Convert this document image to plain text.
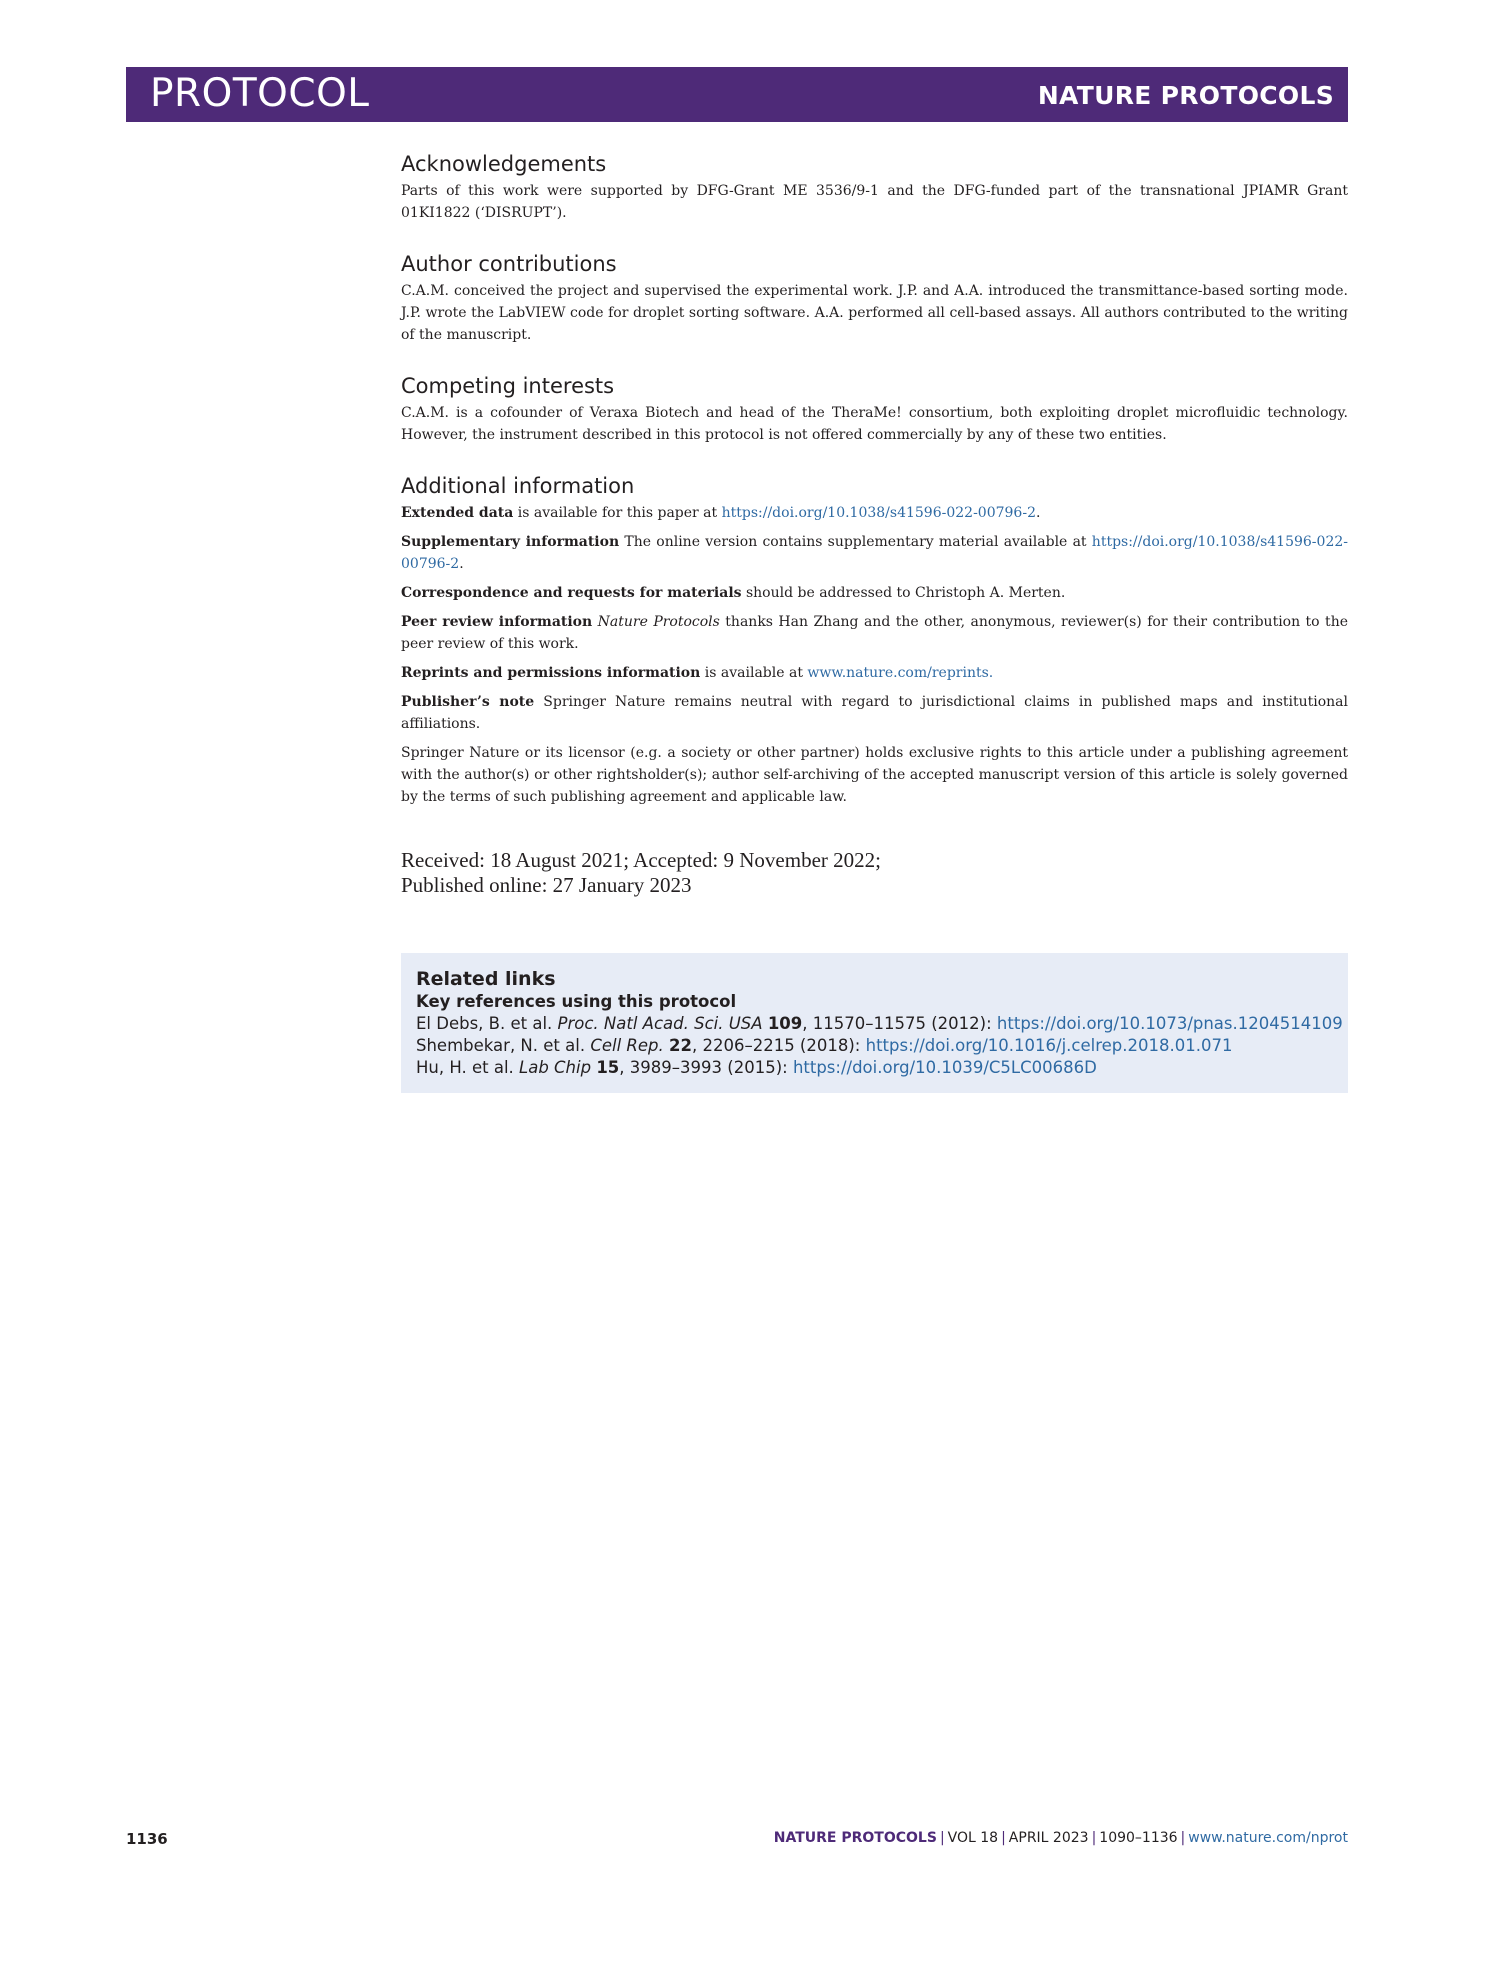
PROTOCOL	NATURE PROTOCOLS
Acknowledgements

Parts of this work were supported by DFG-Grant ME 3536/9-1 and the DFG-funded part of the transnational JPIAMR Grant 01KI1822 (‘DISRUPT’).

Author contributions

C.A.M. conceived the project and supervised the experimental work. J.P. and A.A. introduced the transmittance-based sorting mode. J.P. wrote the LabVIEW code for droplet sorting software. A.A. performed all cell-based assays. All authors contributed to the writing of the manuscript.

Competing interests

C.A.M. is a cofounder of Veraxa Biotech and head of the TheraMe! consortium, both exploiting droplet microfluidic technology. However, the instrument described in this protocol is not offered commercially by any of these two entities.

Additional information

Extended data is available for this paper at https://doi.org/10.1038/s41596-022-00796-2.

Supplementary information The online version contains supplementary material available at https://doi.org/10.1038/s41596-022-00796-2.

Correspondence and requests for materials should be addressed to Christoph A. Merten.

Peer review information Nature Protocols thanks Han Zhang and the other, anonymous, reviewer(s) for their contribution to the peer review of this work.

Reprints and permissions information is available at www.nature.com/reprints.

Publisher’s note Springer Nature remains neutral with regard to jurisdictional claims in published maps and institutional affiliations.

Springer Nature or its licensor (e.g. a society or other partner) holds exclusive rights to this article under a publishing agreement with the author(s) or other rightsholder(s); author self-archiving of the accepted manuscript version of this article is solely governed by the terms of such publishing agreement and applicable law.

Received: 18 August 2021; Accepted: 9 November 2022;
Published online: 27 January 2023
Related links
Key references using this protocol
El Debs, B. et al. Proc. Natl Acad. Sci. USA 109, 11570–11575 (2012): https://doi.org/10.1073/pnas.1204514109
Shembekar, N. et al. Cell Rep. 22, 2206–2215 (2018): https://doi.org/10.1016/j.celrep.2018.01.071
Hu, H. et al. Lab Chip 15, 3989–3993 (2015): https://doi.org/10.1039/C5LC00686D
1136	NATURE PROTOCOLS | VOL 18 | APRIL 2023 | 1090–1136 | www.nature.com/nprot
